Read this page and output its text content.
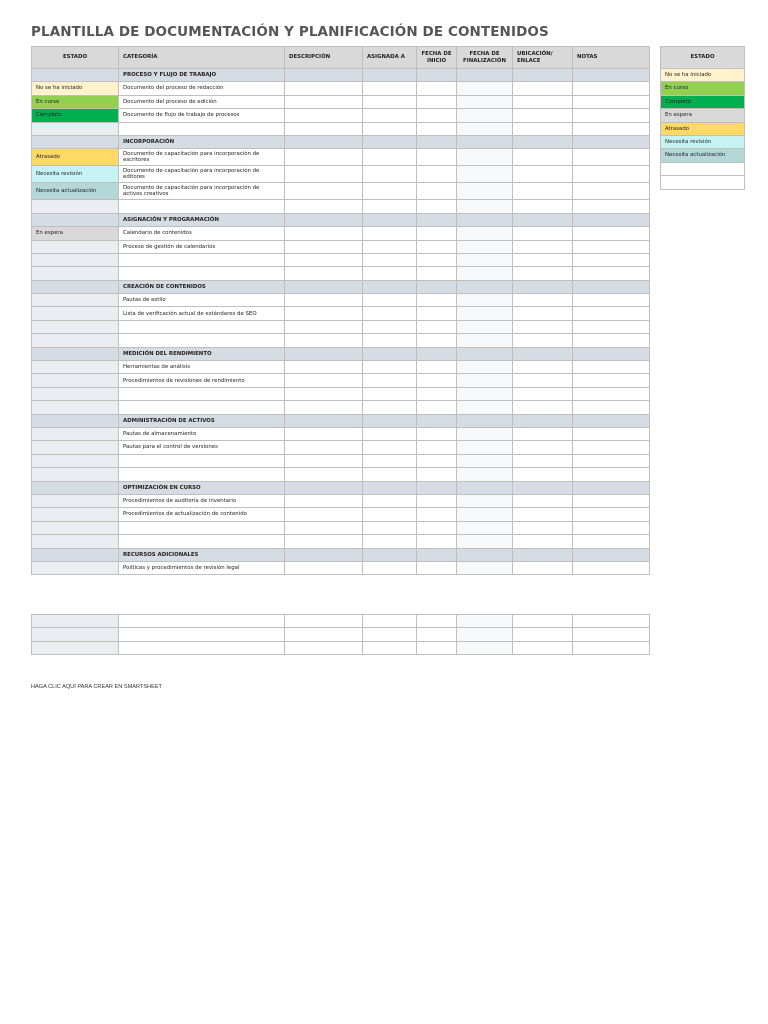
PLANTILLA DE DOCUMENTACIÓN Y PLANIFICACIÓN DE CONTENIDOS
ESTADO	CATEGORÍA	DESCRIPCIÓN	ASIGNADA A	FECHA DE INICIO	FECHA DE FINALIZACIÓN	UBICACIÓN/ ENLACE	NOTAS
	PROCESO Y FLUJO DE TRABAJO						
No se ha iniciado	Documento del proceso de redacción						
En curso	Documento del proceso de edición						
Completo	Documento de flujo de trabajo de procesos						

	INCORPORACIÓN						
Atrasado	Documento de capacitación para incorporación de escritores						
Necesita revisión	Documento de capacitación para incorporación de editores						
Necesita actualización	Documento de capacitación para incorporación de activos creativos						

	ASIGNACIÓN Y PROGRAMACIÓN						
En espera	Calendario de contenidos						
	Proceso de gestión de calendarios						

	CREACIÓN DE CONTENIDOS						
	Pautas de estilo						
	Lista de verificación actual de estándares de SEO						

	MEDICIÓN DEL RENDIMIENTO						
	Herramientas de análisis						
	Procedimientos de revisiones de rendimiento						

	ADMINISTRACIÓN DE ACTIVOS						
	Pautas de almacenamiento						
	Pautas para el control de versiones						

	OPTIMIZACIÓN EN CURSO						
	Procedimientos de auditoría de inventario						
	Procedimientos de actualización de contenido						

	RECURSOS ADICIONALES						
	Políticas y procedimientos de revisión legal						

ESTADO
No se ha iniciado
En curso
Completo
En espera
Atrasado
Necesita revisión
Necesita actualización

HAGA CLIC AQUÍ PARA CREAR EN SMARTSHEET
